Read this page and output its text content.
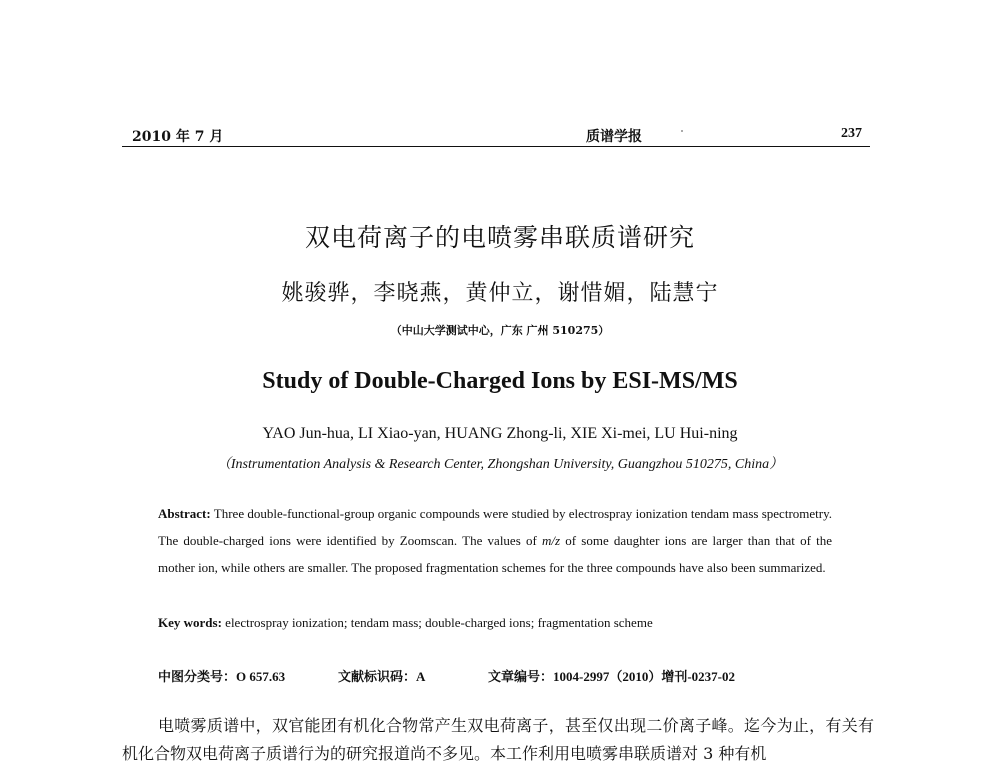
2010 年 7 月	质谱学报	237
双电荷离子的电喷雾串联质谱研究
姚骏骅，李晓燕，黄仲立，谢惜媚，陆慧宁
（中山大学测试中心，广东 广州 510275）
Study of Double-Charged Ions by ESI-MS/MS
YAO Jun-hua, LI Xiao-yan, HUANG Zhong-li, XIE Xi-mei, LU Hui-ning
（Instrumentation Analysis & Research Center, Zhongshan University, Guangzhou 510275, China）
Abstract: Three double-functional-group organic compounds were studied by electrospray ionization tendam mass spectrometry. The double-charged ions were identified by Zoomscan. The values of m/z of some daughter ions are larger than that of the mother ion, while others are smaller. The proposed fragmentation schemes for the three compounds have also been summarized.
Key words: electrospray ionization; tendam mass; double-charged ions; fragmentation scheme
中图分类号：O 657.63	文献标识码：A	文章编号：1004-2997（2010）增刊-0237-02
电喷雾质谱中，双官能团有机化合物常产生双电荷离子，甚至仅出现二价离子峰。迄今为止，有关有机化合物双电荷离子质谱行为的研究报道尚不多见。本工作利用电喷雾串联质谱对 3 种有机
